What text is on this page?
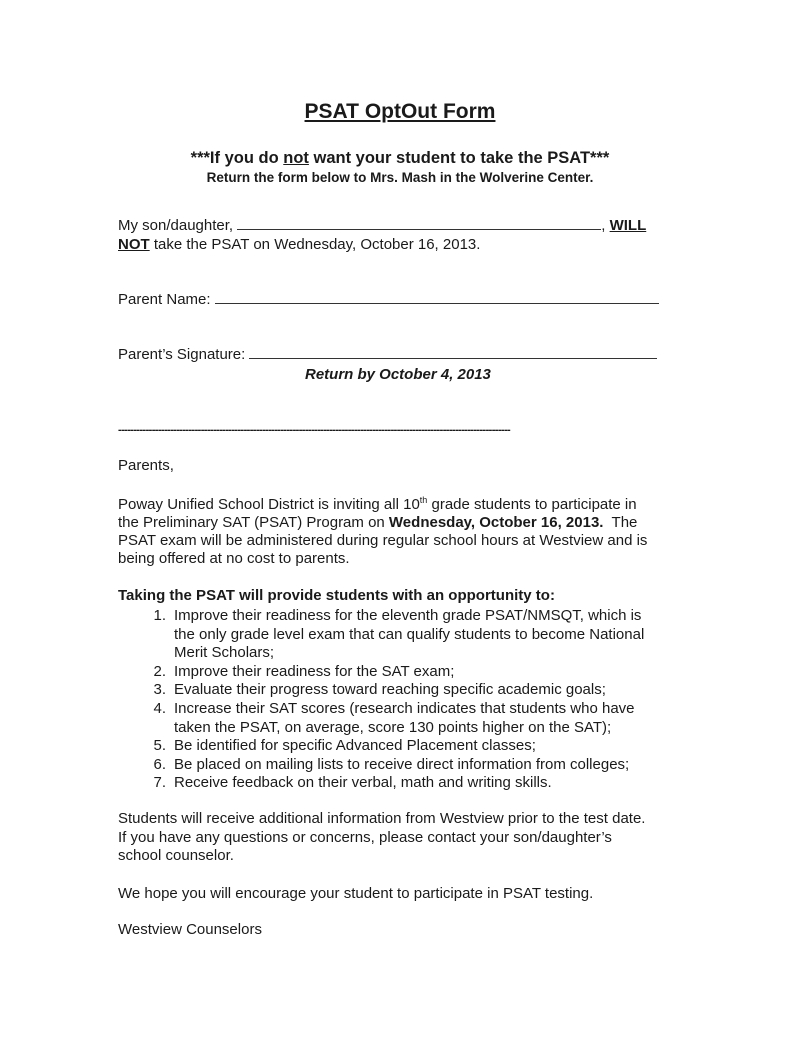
PSAT OptOut Form
***If you do not want your student to take the PSAT***
Return the form below to Mrs. Mash in the Wolverine Center.
My son/daughter,	, WILL
NOT take the PSAT on Wednesday, October 16, 2013.
Parent Name:
Parent’s Signature:
Return by October 4, 2013
--------------------------------------------------------------------------------------------------------------------------------
Parents,
Poway Unified School District is inviting all 10th grade students to participate in
the Preliminary SAT (PSAT) Program on Wednesday, October 16, 2013.  The
PSAT exam will be administered during regular school hours at Westview and is
being offered at no cost to parents.
Taking the PSAT will provide students with an opportunity to:
1. Improve their readiness for the eleventh grade PSAT/NMSQT, which is
the only grade level exam that can qualify students to become National
Merit Scholars;
2. Improve their readiness for the SAT exam;
3. Evaluate their progress toward reaching specific academic goals;
4. Increase their SAT scores (research indicates that students who have
taken the PSAT, on average, score 130 points higher on the SAT);
5. Be identified for specific Advanced Placement classes;
6. Be placed on mailing lists to receive direct information from colleges;
7. Receive feedback on their verbal, math and writing skills.
Students will receive additional information from Westview prior to the test date.
If you have any questions or concerns, please contact your son/daughter’s
school counselor.
We hope you will encourage your student to participate in PSAT testing.
Westview Counselors
